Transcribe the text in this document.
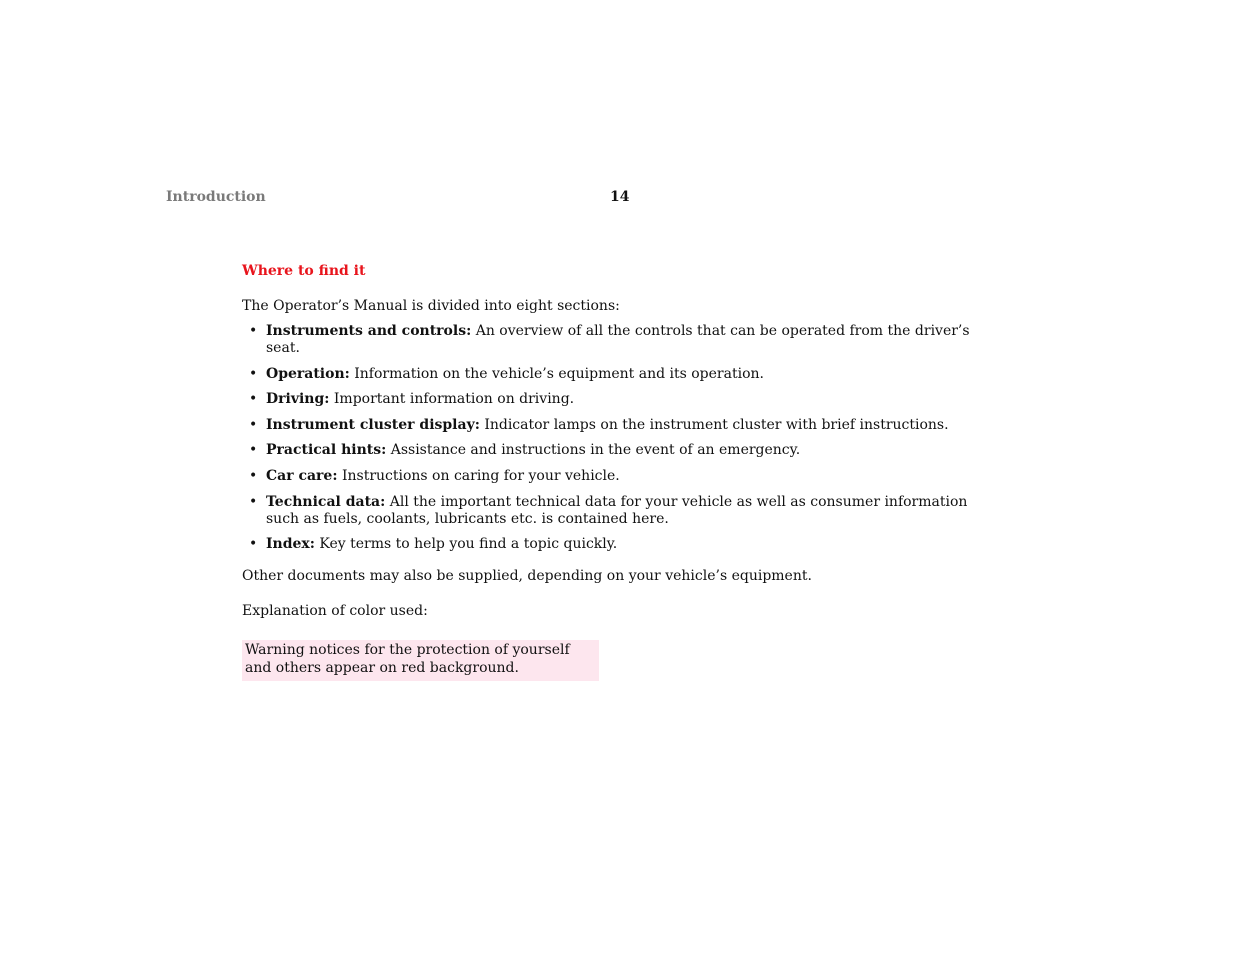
Introduction	14
Where to find it

The Operator’s Manual is divided into eight sections:

• Instruments and controls: An overview of all the controls that can be operated from the driver’s seat.
• Operation: Information on the vehicle’s equipment and its operation.
• Driving: Important information on driving.
• Instrument cluster display: Indicator lamps on the instrument cluster with brief instructions.
• Practical hints: Assistance and instructions in the event of an emergency.
• Car care: Instructions on caring for your vehicle.
• Technical data: All the important technical data for your vehicle as well as consumer information such as fuels, coolants, lubricants etc. is contained here.
• Index: Key terms to help you find a topic quickly.

Other documents may also be supplied, depending on your vehicle’s equipment.

Explanation of color used:

Warning notices for the protection of yourself and others appear on red background.
